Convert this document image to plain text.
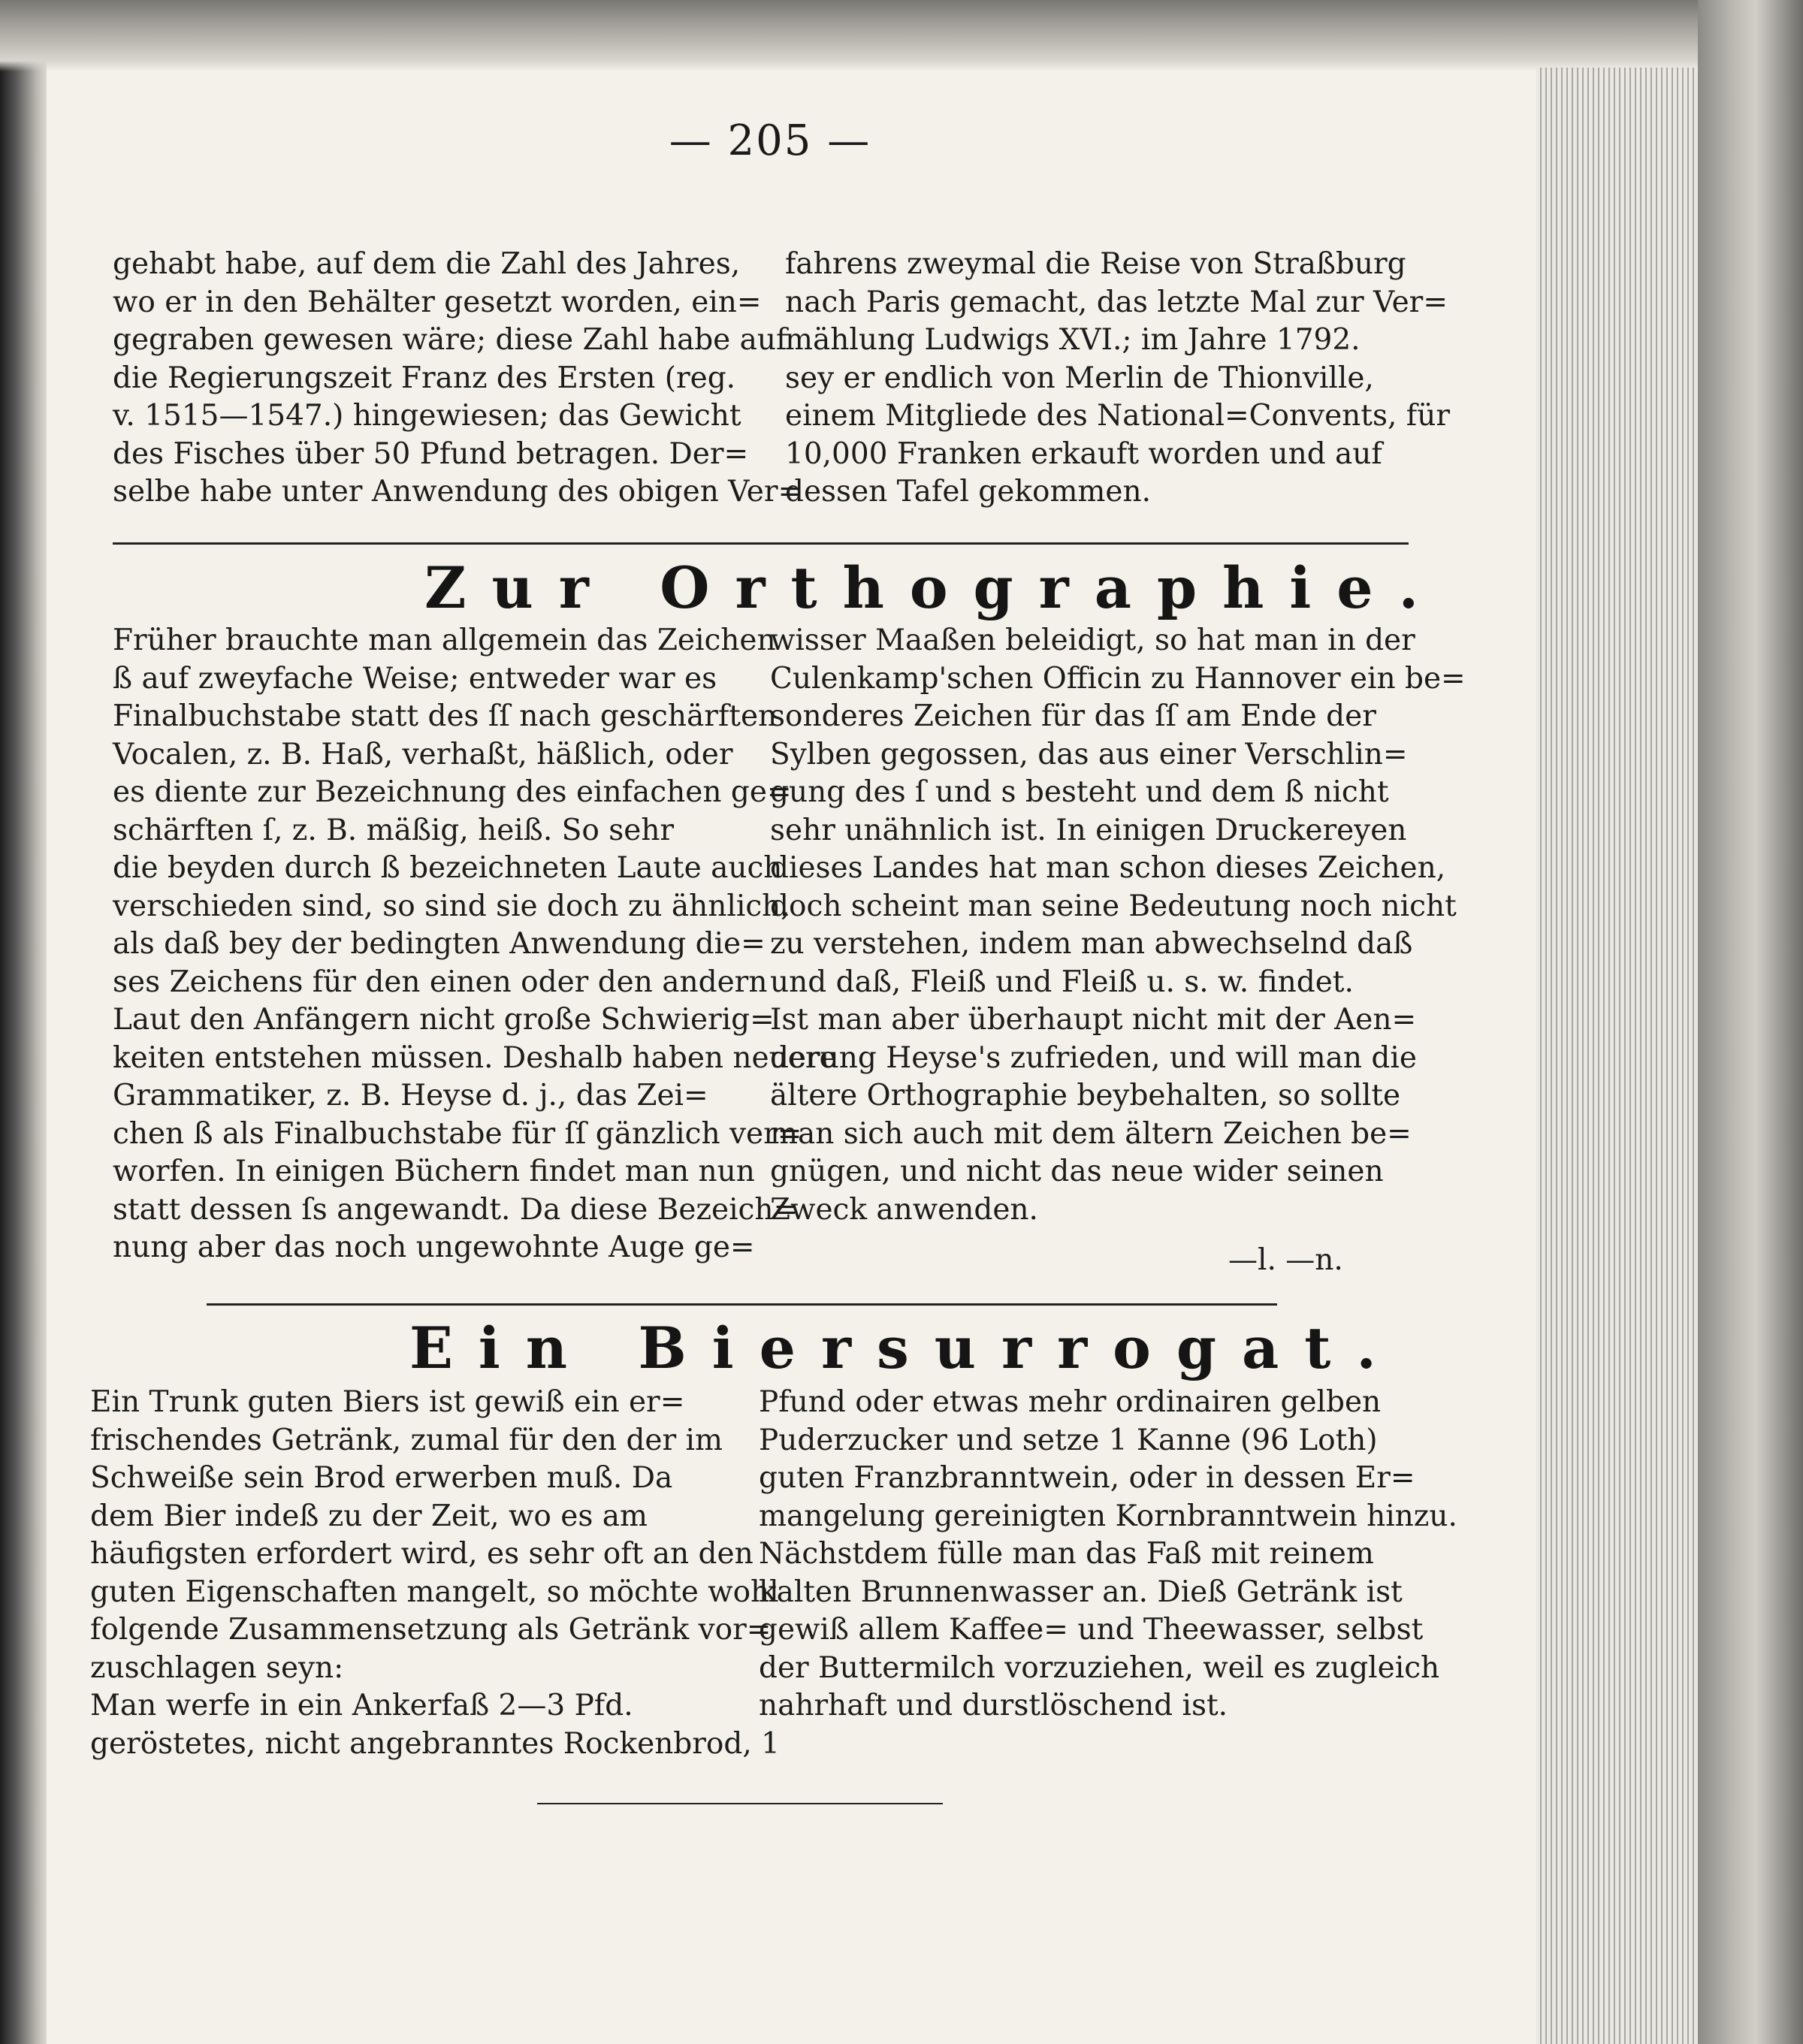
— 205 —
gehabt habe, auf dem die Zahl des Jahres,
wo er in den Behälter gesetzt worden, ein=
gegraben gewesen wäre; diese Zahl habe auf
die Regierungszeit Franz des Ersten (reg.
v. 1515—1547.) hingewiesen; das Gewicht
des Fisches über 50 Pfund betragen. Der=
selbe habe unter Anwendung des obigen Ver=
fahrens zweymal die Reise von Straßburg
nach Paris gemacht, das letzte Mal zur Ver=
mählung Ludwigs XVI.; im Jahre 1792.
sey er endlich von Merlin de Thionville,
einem Mitgliede des National=Convents, für
10,000 Franken erkauft worden und auf
dessen Tafel gekommen.
Zur Orthographie.
Früher brauchte man allgemein das Zeichen
ß auf zweyfache Weise; entweder war es
Finalbuchstabe statt des ſſ nach geschärften
Vocalen, z. B. Haß, verhaßt, häßlich, oder
es diente zur Bezeichnung des einfachen ge=
schärften ſ, z. B. mäßig, heiß. So sehr
die beyden durch ß bezeichneten Laute auch
verschieden sind, so sind sie doch zu ähnlich,
als daß bey der bedingten Anwendung die=
ses Zeichens für den einen oder den andern
Laut den Anfängern nicht große Schwierig=
keiten entstehen müssen. Deshalb haben neuere
Grammatiker, z. B. Heyse d. j., das Zei=
chen ß als Finalbuchstabe für ſſ gänzlich ver=
worfen. In einigen Büchern findet man nun
statt dessen ſs angewandt. Da diese Bezeich=
nung aber das noch ungewohnte Auge ge=
wisser Maaßen beleidigt, so hat man in der
Culenkamp'schen Officin zu Hannover ein be=
sonderes Zeichen für das ſſ am Ende der
Sylben gegossen, das aus einer Verschlin=
gung des ſ und s besteht und dem ß nicht
sehr unähnlich ist. In einigen Druckereyen
dieses Landes hat man schon dieses Zeichen,
doch scheint man seine Bedeutung noch nicht
zu verstehen, indem man abwechselnd daß
und daß, Fleiß und Fleiß u. s. w. findet.
Ist man aber überhaupt nicht mit der Aen=
derung Heyse's zufrieden, und will man die
ältere Orthographie beybehalten, so sollte
man sich auch mit dem ältern Zeichen be=
gnügen, und nicht das neue wider seinen
Zweck anwenden.
—l. —n.
Ein Biersurrogat.
Ein Trunk guten Biers ist gewiß ein er=
frischendes Getränk, zumal für den der im
Schweiße sein Brod erwerben muß. Da
dem Bier indeß zu der Zeit, wo es am
häufigsten erfordert wird, es sehr oft an den
guten Eigenschaften mangelt, so möchte wohl
folgende Zusammensetzung als Getränk vor=
zuschlagen seyn:
Man werfe in ein Ankerfaß 2—3 Pfd.
geröstetes, nicht angebranntes Rockenbrod, 1
Pfund oder etwas mehr ordinairen gelben
Puderzucker und setze 1 Kanne (96 Loth)
guten Franzbranntwein, oder in dessen Er=
mangelung gereinigten Kornbranntwein hinzu.
Nächstdem fülle man das Faß mit reinem
kalten Brunnenwasser an. Dieß Getränk ist
gewiß allem Kaffee= und Theewasser, selbst
der Buttermilch vorzuziehen, weil es zugleich
nahrhaft und durstlöschend ist.
